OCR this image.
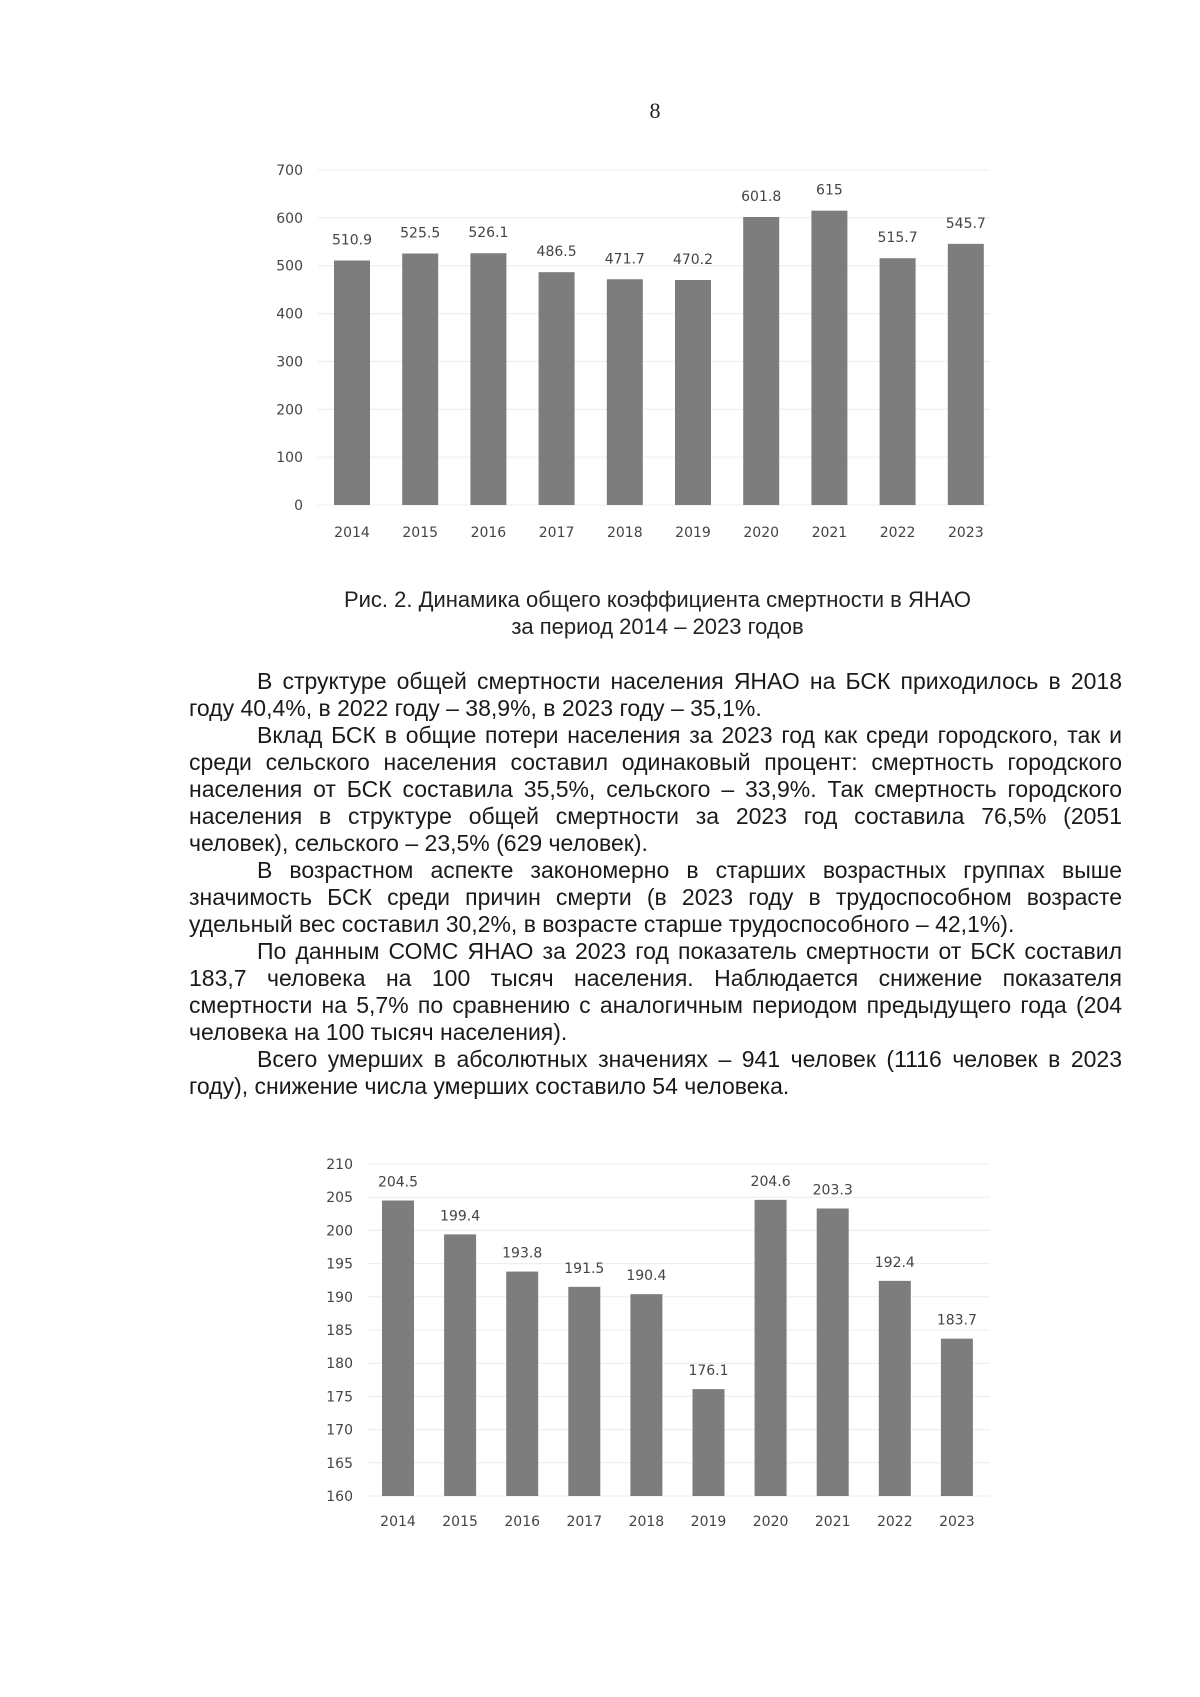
8
0
100
200
300
400
500
600
700
510.9
2014
525.5
2015
526.1
2016
486.5
2017
471.7
2018
470.2
2019
601.8
2020
615
2021
515.7
2022
545.7
2023
Рис. 2. Динамика общего коэффициента смертности в ЯНАО
за период 2014 – 2023 годов

В структуре общей смертности населения ЯНАО на БСК приходилось в 2018 году 40,4%, в 2022 году – 38,9%, в 2023 году – 35,1%.

Вклад БСК в общие потери населения за 2023 год как среди городского, так и среди сельского населения составил одинаковый процент: смертность городского населения от БСК составила 35,5%, сельского – 33,9%. Так смертность городского населения в структуре общей смертности за 2023 год составила 76,5% (2051 человек), сельского – 23,5% (629 человек).

В возрастном аспекте закономерно в старших возрастных группах выше значимость БСК среди причин смерти (в 2023 году в трудоспособном возрасте удельный вес составил 30,2%, в возрасте старше трудоспособного – 42,1%).

По данным СОМС ЯНАО за 2023 год показатель смертности от БСК составил 183,7 человека на 100 тысяч населения. Наблюдается снижение показателя смертности на 5,7% по сравнению с аналогичным периодом предыдущего года (204 человека на 100 тысяч населения).

Всего умерших в абсолютных значениях – 941 человек (1116 человек в 2023 году), снижение числа умерших составило 54 человека.

160
165
170
175
180
185
190
195
200
205
210
204.5
2014
199.4
2015
193.8
2016
191.5
2017
190.4
2018
176.1
2019
204.6
2020
203.3
2021
192.4
2022
183.7
2023
